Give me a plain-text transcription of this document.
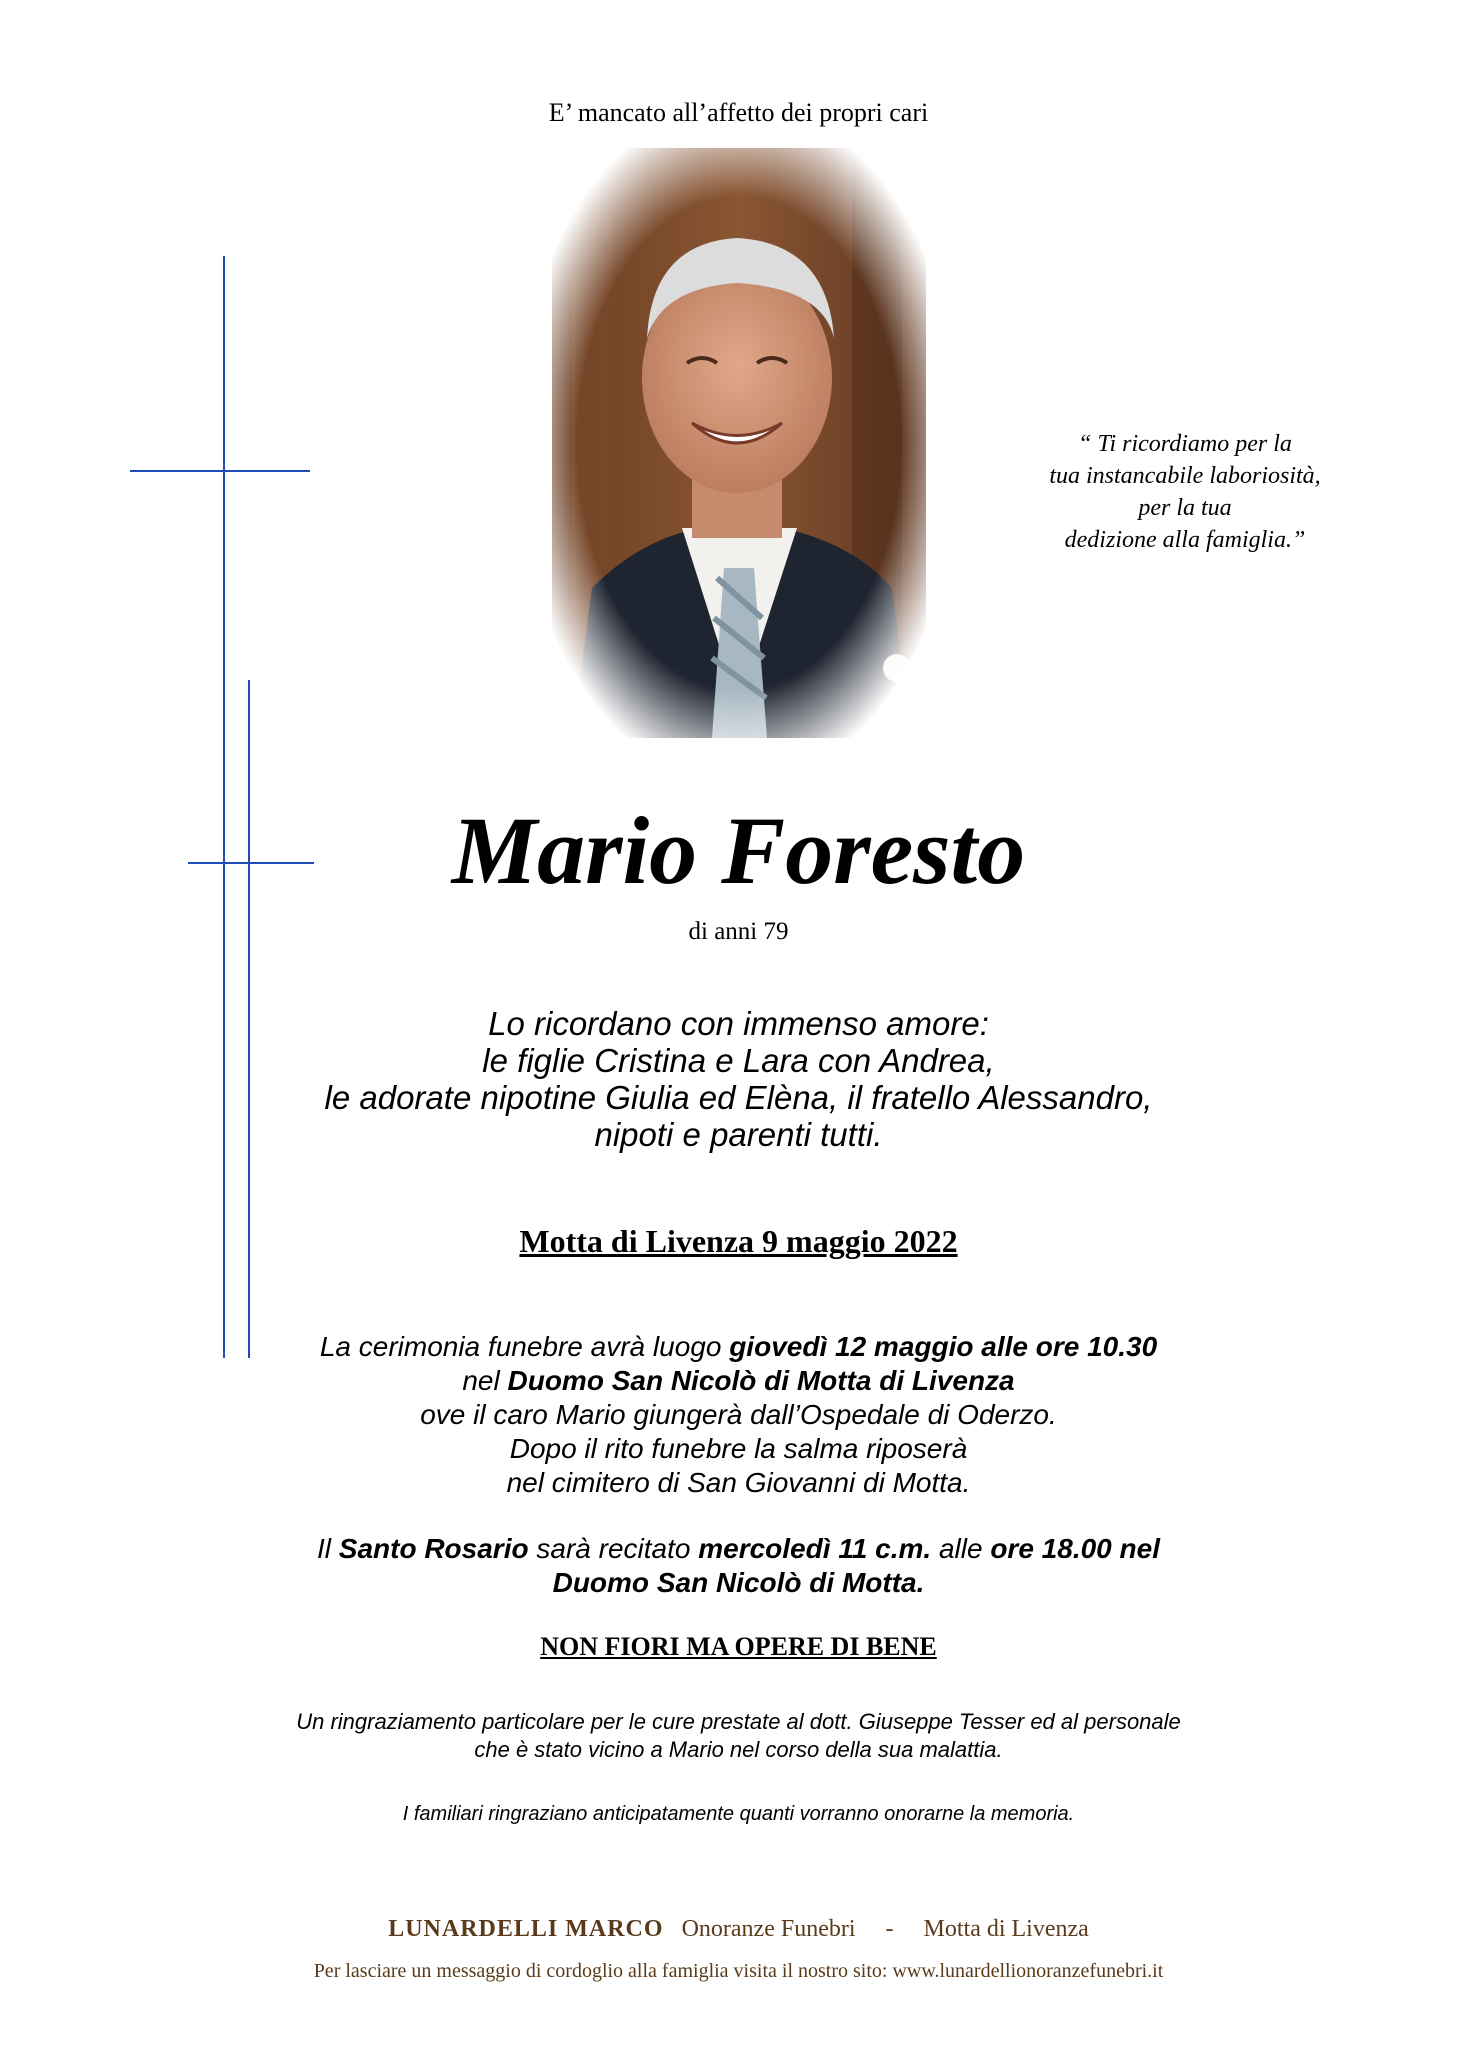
E’ mancato all’affetto dei propri cari
“ Ti ricordiamo per la
tua instancabile laboriosità,
per la tua
dedizione alla famiglia.”
Mario Foresto
di anni 79
Lo ricordano con immenso amore:
le figlie Cristina e Lara con Andrea,
le adorate nipotine Giulia ed Elèna, il fratello Alessandro,
nipoti e parenti tutti.
Motta di Livenza 9 maggio 2022
La cerimonia funebre avrà luogo giovedì 12 maggio alle ore 10.30
nel Duomo San Nicolò di Motta di Livenza
ove il caro Mario giungerà dall’Ospedale di Oderzo.
Dopo il rito funebre la salma riposerà
nel cimitero di San Giovanni di Motta.
Il Santo Rosario sarà recitato mercoledì 11 c.m. alle ore 18.00 nel
Duomo San Nicolò di Motta.
NON FIORI MA OPERE DI BENE
Un ringraziamento particolare per le cure prestate al dott. Giuseppe Tesser ed al personale
che è stato vicino a Mario nel corso della sua malattia.
I familiari ringraziano anticipatamente quanti vorranno onorarne la memoria.
LUNARDELLI MARCO Onoranze Funebri - Motta di Livenza
Per lasciare un messaggio di cordoglio alla famiglia visita il nostro sito: www.lunardellionoranzefunebri.it
